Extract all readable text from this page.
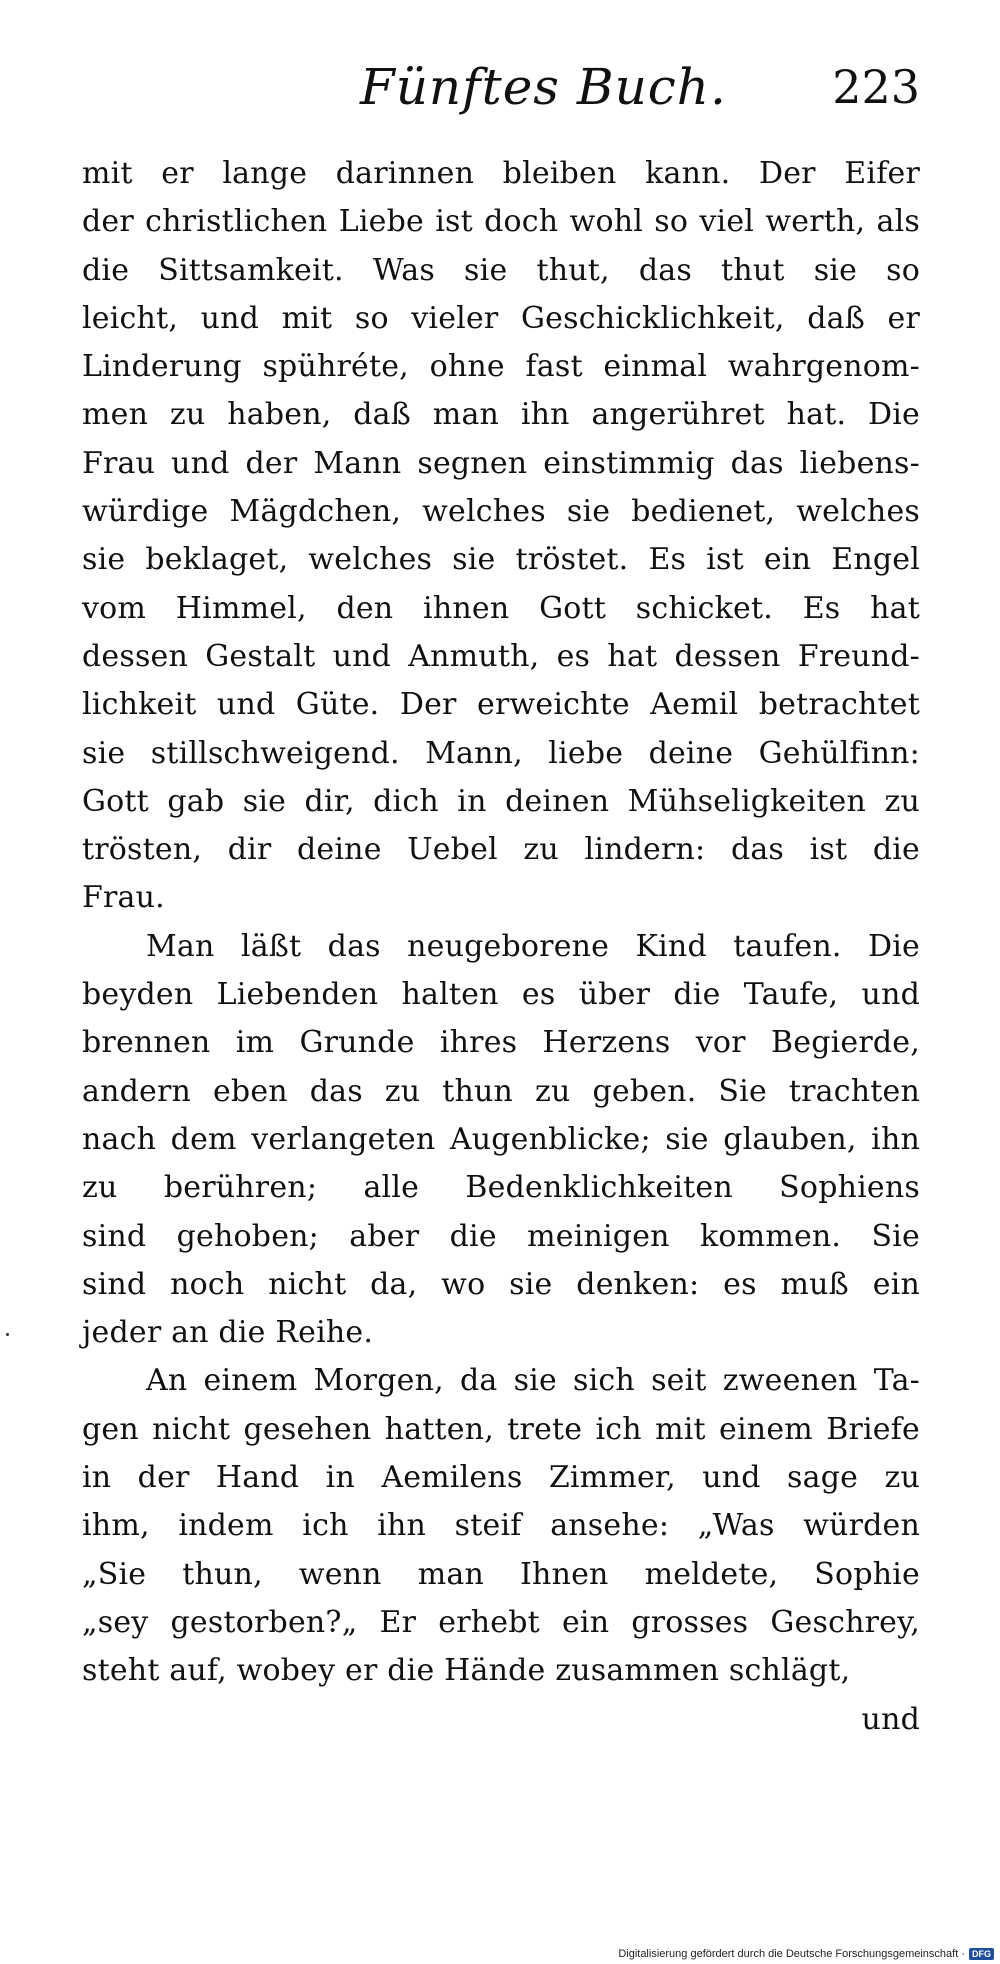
Fünftes Buch. 223
mit er lange darinnen bleiben kann. Der Eifer
der christlichen Liebe ist doch wohl so viel werth, als
die Sittsamkeit. Was sie thut, das thut sie so
leicht, und mit so vieler Geschicklichkeit, daß er
Linderung spühréte, ohne fast einmal wahrgenom-
men zu haben, daß man ihn angerühret hat. Die
Frau und der Mann segnen einstimmig das liebens-
würdige Mägdchen, welches sie bedienet, welches
sie beklaget, welches sie tröstet. Es ist ein Engel
vom Himmel, den ihnen Gott schicket. Es hat
dessen Gestalt und Anmuth, es hat dessen Freund-
lichkeit und Güte. Der erweichte Aemil betrachtet
sie stillschweigend. Mann, liebe deine Gehülfinn:
Gott gab sie dir, dich in deinen Mühseligkeiten zu
trösten, dir deine Uebel zu lindern: das ist die
Frau.
Man läßt das neugeborene Kind taufen. Die
beyden Liebenden halten es über die Taufe, und
brennen im Grunde ihres Herzens vor Begierde,
andern eben das zu thun zu geben. Sie trachten
nach dem verlangeten Augenblicke; sie glauben, ihn
zu berühren; alle Bedenklichkeiten Sophiens
sind gehoben; aber die meinigen kommen. Sie
sind noch nicht da, wo sie denken: es muß ein
jeder an die Reihe.
An einem Morgen, da sie sich seit zweenen Ta-
gen nicht gesehen hatten, trete ich mit einem Briefe
in der Hand in Aemilens Zimmer, und sage zu
ihm, indem ich ihn steif ansehe: „Was würden
„Sie thun, wenn man Ihnen meldete, Sophie
„sey gestorben?„ Er erhebt ein grosses Geschrey,
steht auf, wobey er die Hände zusammen schlägt,
und
Digitalisierung gefördert durch die Deutsche Forschungsgemeinschaft · DFG
